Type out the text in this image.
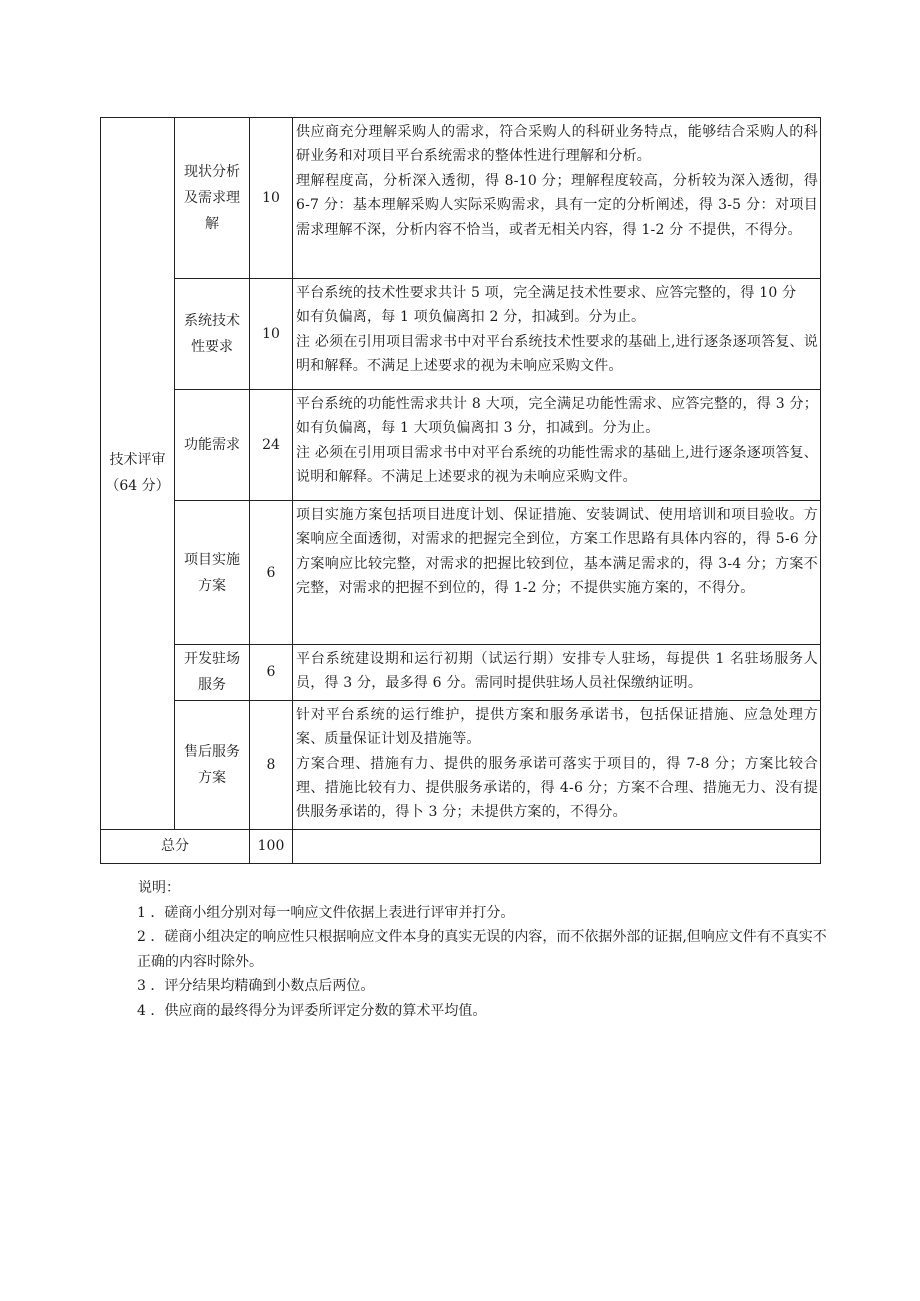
技术评审（64 分）	现状分析及需求理解	10	供应商充分理解采购人的需求，符合采购人的科研业务特点，能够结合采购人的科研业务和对项目平台系统需求的整体性进行理解和分析。

理解程度高，分析深入透彻，得 8-10 分；理解程度较高，分析较为深入透彻，得 6-7 分：基本理解采购人实际采购需求，具有一定的分析阐述，得 3-5 分：对项目需求理解不深，分析内容不恰当，或者无相关内容，得 1-2 分 不提供，不得分。

	系统技术性要求	10	平台系统的技术性要求共计 5 项，完全满足技术性要求、应答完整的，得 10 分

如有负偏离，每 1 项负偏离扣 2 分，扣减到。分为止。

注 必须在引用项目需求书中对平台系统技术性要求的基础上,进行逐条逐项答复、说明和解释。不满足上述要求的视为未响应采购文件。

	功能需求	24	平台系统的功能性需求共计 8 大项，完全满足功能性需求、应答完整的，得 3 分；如有负偏离，每 1 大项负偏离扣 3 分，扣减到。分为止。

注 必须在引用项目需求书中对平台系统的功能性需求的基础上,进行逐条逐项答复、说明和解释。不满足上述要求的视为未响应采购文件。

	项目实施方案	6	项目实施方案包括项目进度计划、保证措施、安装调试、使用培训和项目验收。方案响应全面透彻，对需求的把握完全到位，方案工作思路有具体内容的，得 5-6 分 方案响应比较完整，对需求的把握比较到位，基本满足需求的，得 3-4 分；方案不完整，对需求的把握不到位的，得 1-2 分；不提供实施方案的，不得分。

	开发驻场服务	6	平台系统建设期和运行初期（试运行期）安排专人驻场，每提供 1 名驻场服务人员，得 3 分，最多得 6 分。需同时提供驻场人员社保缴纳证明。

	售后服务方案	8	针对平台系统的运行维护，提供方案和服务承诺书，包括保证措施、应急处理方案、质量保证计划及措施等。

方案合理、措施有力、提供的服务承诺可落实于项目的，得 7-8 分；方案比较合理、措施比较有力、提供服务承诺的，得 4-6 分；方案不合理、措施无力、没有提供服务承诺的，得卜 3 分；未提供方案的，不得分。

总分		100	

说明：

1 ．磋商小组分别对每一响应文件依据上表进行评审并打分。

2 ．磋商小组决定的响应性只根据响应文件本身的真实无误的内容，而不依据外部的证据,但响应文件有不真实不正确的内容时除外。

3 ．评分结果均精确到小数点后两位。

4 ．供应商的最终得分为评委所评定分数的算术平均值。
